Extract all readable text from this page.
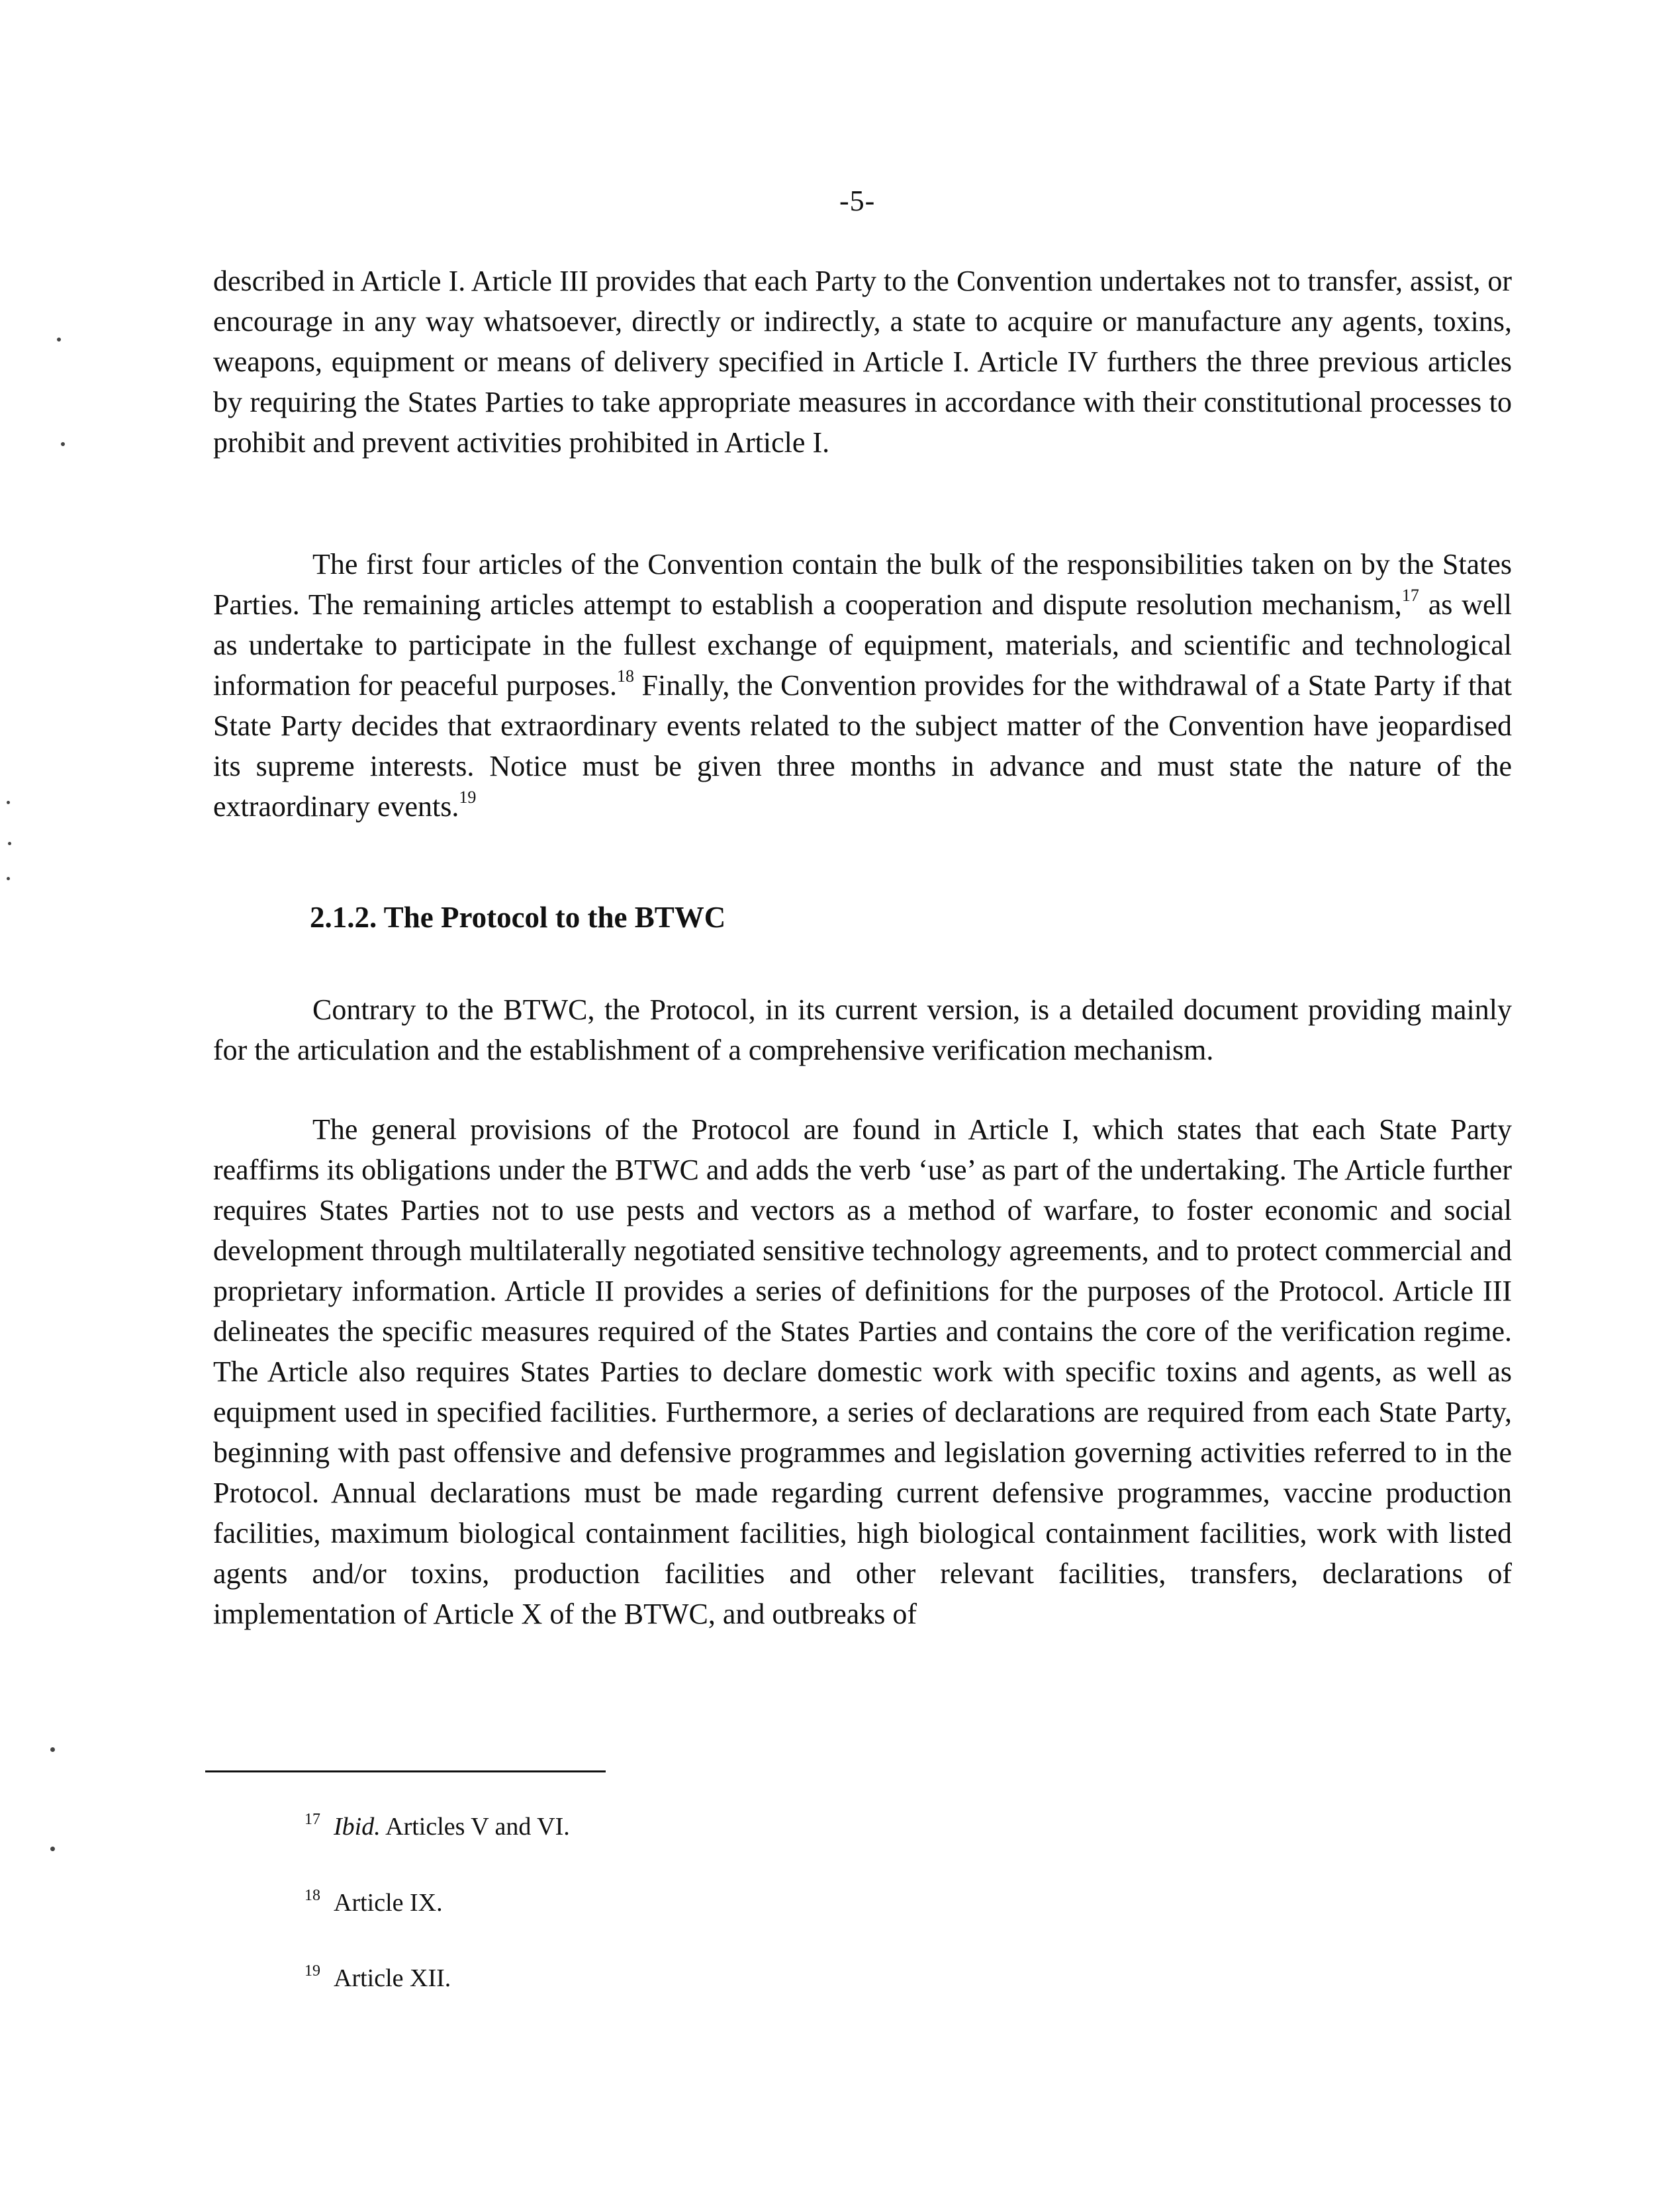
-5-
described in Article I. Article III provides that each Party to the Convention undertakes not to transfer, assist, or encourage in any way whatsoever, directly or indirectly, a state to acquire or manufacture any agents, toxins, weapons, equipment or means of delivery specified in Article I. Article IV furthers the three previous articles by requiring the States Parties to take appropriate measures in accordance with their constitutional processes to prohibit and prevent activities prohibited in Article I.
The first four articles of the Convention contain the bulk of the responsibilities taken on by the States Parties. The remaining articles attempt to establish a cooperation and dispute resolution mechanism,$^{17}$ as well as undertake to participate in the fullest exchange of equipment, materials, and scientific and technological information for peaceful purposes.$^{18}$ Finally, the Convention provides for the withdrawal of a State Party if that State Party decides that extraordinary events related to the subject matter of the Convention have jeopardised its supreme interests. Notice must be given three months in advance and must state the nature of the extraordinary events.$^{19}$
2.1.2. The Protocol to the BTWC
Contrary to the BTWC, the Protocol, in its current version, is a detailed document providing mainly for the articulation and the establishment of a comprehensive verification mechanism.
The general provisions of the Protocol are found in Article I, which states that each State Party reaffirms its obligations under the BTWC and adds the verb ‘use’ as part of the undertaking. The Article further requires States Parties not to use pests and vectors as a method of warfare, to foster economic and social development through multilaterally negotiated sensitive technology agreements, and to protect commercial and proprietary information. Article II provides a series of definitions for the purposes of the Protocol. Article III delineates the specific measures required of the States Parties and contains the core of the verification regime. The Article also requires States Parties to declare domestic work with specific toxins and agents, as well as equipment used in specified facilities. Furthermore, a series of declarations are required from each State Party, beginning with past offensive and defensive programmes and legislation governing activities referred to in the Protocol. Annual declarations must be made regarding current defensive programmes, vaccine production facilities, maximum biological containment facilities, high biological containment facilities, work with listed agents and/or toxins, production facilities and other relevant facilities, transfers, declarations of implementation of Article X of the BTWC, and outbreaks of
$^{17}$ Ibid. Articles V and VI.
$^{18}$ Article IX.
$^{19}$ Article XII.
